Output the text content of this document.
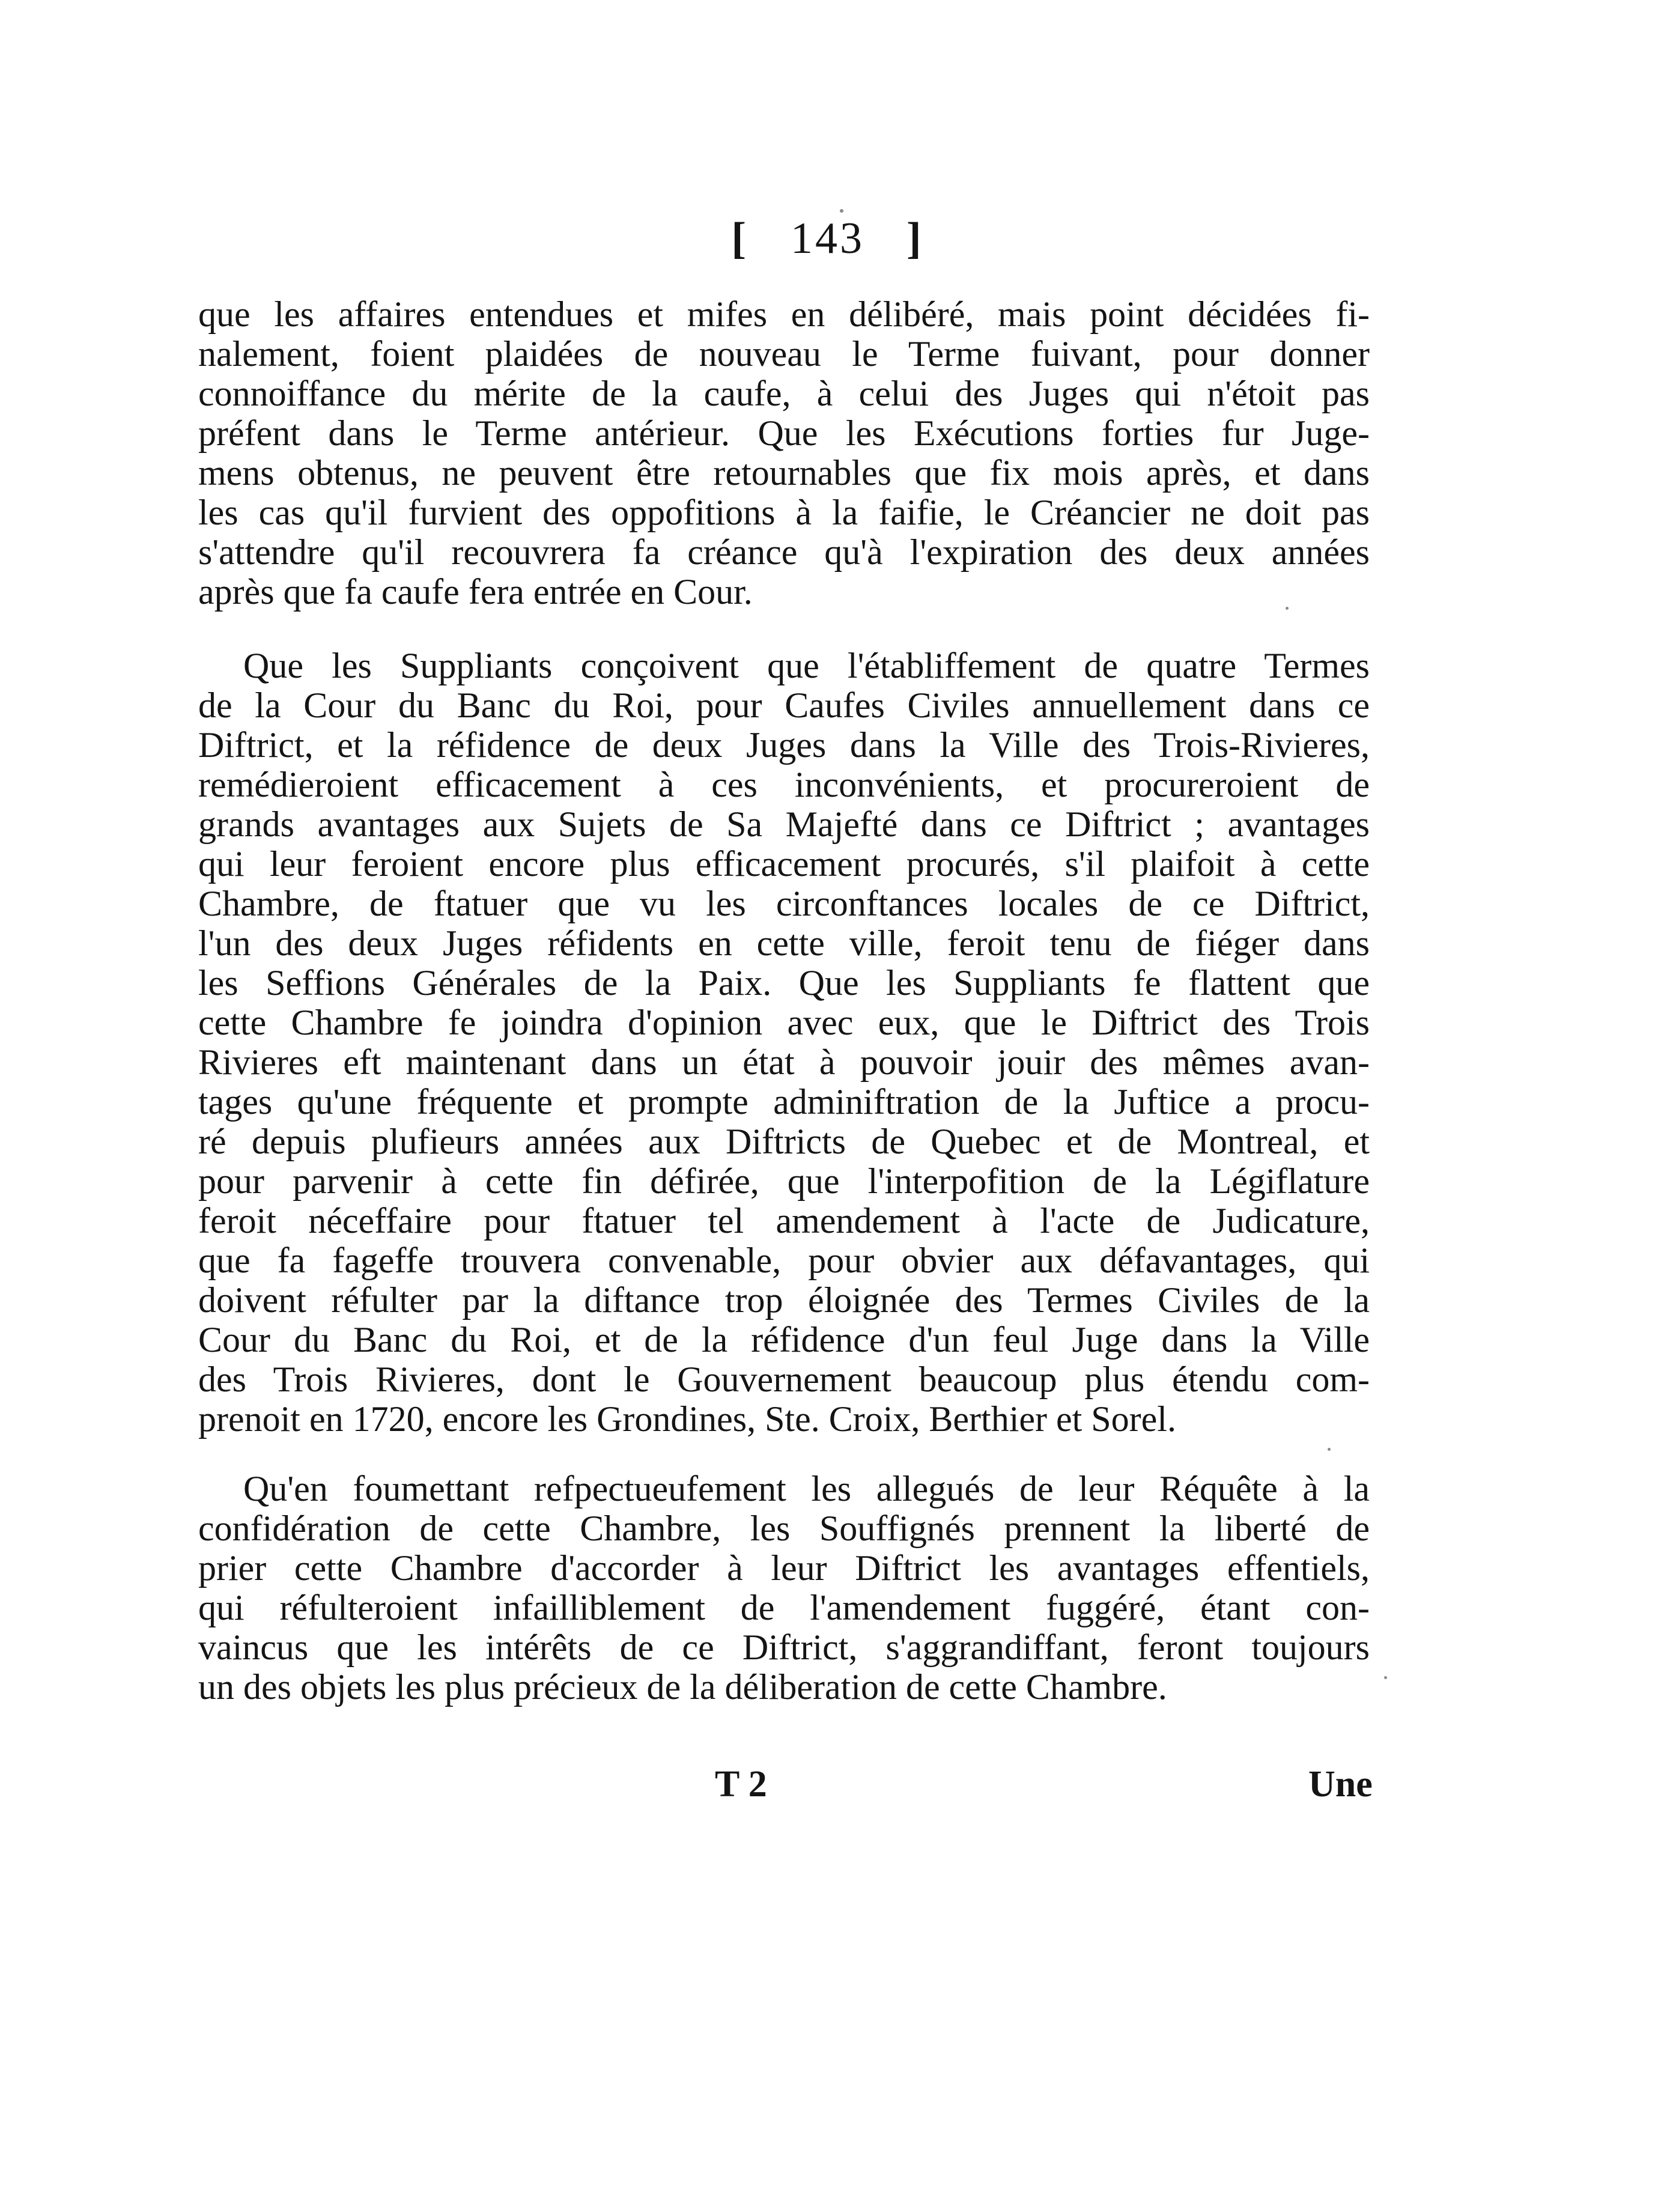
[ 143 ]
que les affaires entendues et mifes en délibéré, mais point décidées fi-
nalement, foient plaidées de nouveau le Terme fuivant, pour donner
connoiffance du mérite de la caufe, à celui des Juges qui n'étoit pas
préfent dans le Terme antérieur. Que les Exécutions forties fur Juge-
mens obtenus, ne peuvent être retournables que fix mois après, et dans
les cas qu'il furvient des oppofitions à la faifie, le Créancier ne doit pas
s'attendre qu'il recouvrera fa créance qu'à l'expiration des deux années
après que fa caufe fera entrée en Cour.
Que les Suppliants conçoivent que l'établiffement de quatre Termes
de la Cour du Banc du Roi, pour Caufes Civiles annuellement dans ce
Diftrict, et la réfidence de deux Juges dans la Ville des Trois-Rivieres,
remédieroient efficacement à ces inconvénients, et procureroient de
grands avantages aux Sujets de Sa Majefté dans ce Diftrict ; avantages
qui leur feroient encore plus efficacement procurés, s'il plaifoit à cette
Chambre, de ftatuer que vu les circonftances locales de ce Diftrict,
l'un des deux Juges réfidents en cette ville, feroit tenu de fiéger dans
les Seffions Générales de la Paix. Que les Suppliants fe flattent que
cette Chambre fe joindra d'opinion avec eux, que le Diftrict des Trois
Rivieres eft maintenant dans un état à pouvoir jouir des mêmes avan-
tages qu'une fréquente et prompte adminiftration de la Juftice a procu-
ré depuis plufieurs années aux Diftricts de Quebec et de Montreal, et
pour parvenir à cette fin défirée, que l'interpofition de la Légiflature
feroit néceffaire pour ftatuer tel amendement à l'acte de Judicature,
que fa fageffe trouvera convenable, pour obvier aux défavantages, qui
doivent réfulter par la diftance trop éloignée des Termes Civiles de la
Cour du Banc du Roi, et de la réfidence d'un feul Juge dans la Ville
des Trois Rivieres, dont le Gouvernement beaucoup plus étendu com-
prenoit en 1720, encore les Grondines, Ste. Croix, Berthier et Sorel.
Qu'en foumettant refpectueufement les allegués de leur Réquête à la
confidération de cette Chambre, les Souffignés prennent la liberté de
prier cette Chambre d'accorder à leur Diftrict les avantages effentiels,
qui réfulteroient infailliblement de l'amendement fuggéré, étant con-
vaincus que les intérêts de ce Diftrict, s'aggrandiffant, feront toujours
un des objets les plus précieux de la déliberation de cette Chambre.
T 2	Une
